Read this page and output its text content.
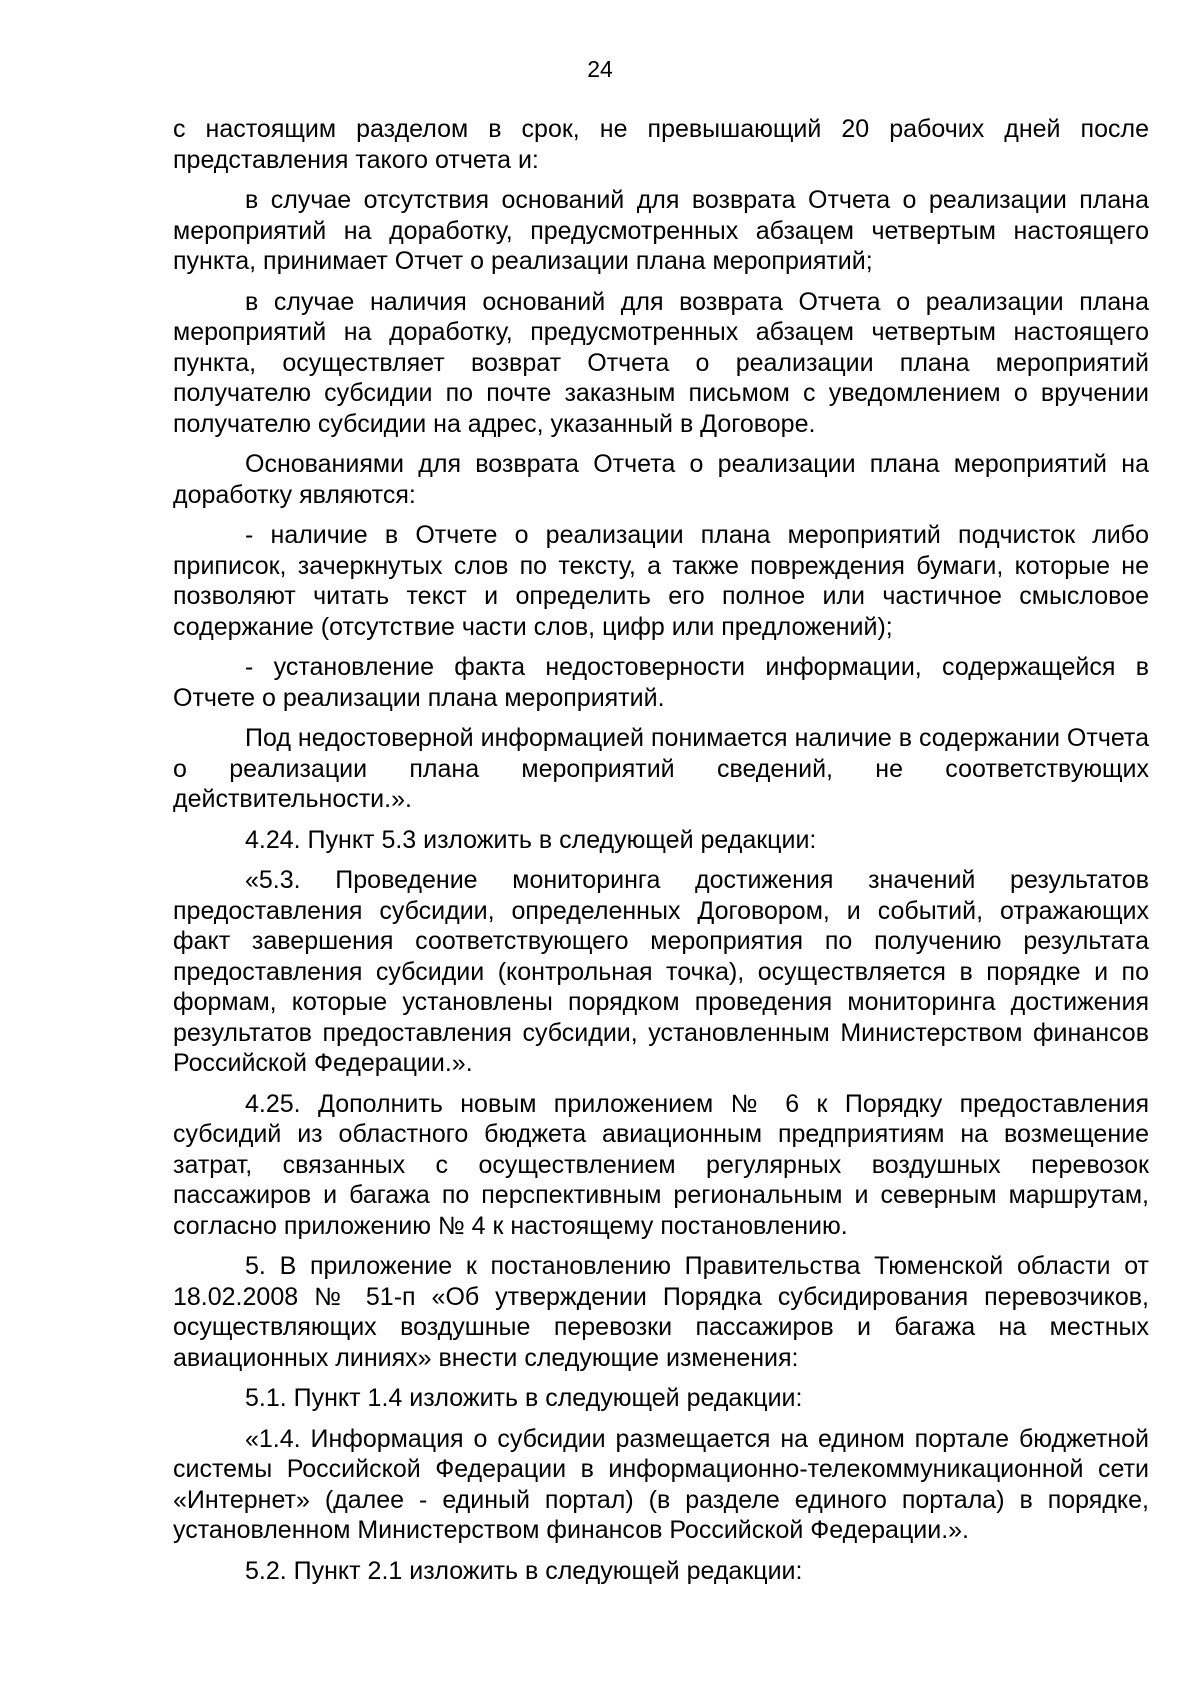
24

с настоящим разделом в срок, не превышающий 20 рабочих дней после представления такого отчета и:

в случае отсутствия оснований для возврата Отчета о реализации плана мероприятий на доработку, предусмотренных абзацем четвертым настоящего пункта, принимает Отчет о реализации плана мероприятий;

в случае наличия оснований для возврата Отчета о реализации плана мероприятий на доработку, предусмотренных абзацем четвертым настоящего пункта, осуществляет возврат Отчета о реализации плана мероприятий получателю субсидии по почте заказным письмом с уведомлением о вручении получателю субсидии на адрес, указанный в Договоре.

Основаниями для возврата Отчета о реализации плана мероприятий на доработку являются:

- наличие в Отчете о реализации плана мероприятий подчисток либо приписок, зачеркнутых слов по тексту, а также повреждения бумаги, которые не позволяют читать текст и определить его полное или частичное смысловое содержание (отсутствие части слов, цифр или предложений);

- установление факта недостоверности информации, содержащейся в Отчете о реализации плана мероприятий.

Под недостоверной информацией понимается наличие в содержании Отчета о реализации плана мероприятий сведений, не соответствующих действительности.».

4.24. Пункт 5.3 изложить в следующей редакции:

«5.3. Проведение мониторинга достижения значений результатов предоставления субсидии, определенных Договором, и событий, отражающих факт завершения соответствующего мероприятия по получению результата предоставления субсидии (контрольная точка), осуществляется в порядке и по формам, которые установлены порядком проведения мониторинга достижения результатов предоставления субсидии, установленным Министерством финансов Российской Федерации.».

4.25. Дополнить новым приложением № 6 к Порядку предоставления субсидий из областного бюджета авиационным предприятиям на возмещение затрат, связанных с осуществлением регулярных воздушных перевозок пассажиров и багажа по перспективным региональным и северным маршрутам, согласно приложению № 4 к настоящему постановлению.

5. В приложение к постановлению Правительства Тюменской области от 18.02.2008 № 51-п «Об утверждении Порядка субсидирования перевозчиков, осуществляющих воздушные перевозки пассажиров и багажа на местных авиационных линиях» внести следующие изменения:

5.1. Пункт 1.4 изложить в следующей редакции:

«1.4. Информация о субсидии размещается на едином портале бюджетной системы Российской Федерации в информационно-телекоммуникационной сети «Интернет» (далее - единый портал) (в разделе единого портала) в порядке, установленном Министерством финансов Российской Федерации.».

5.2. Пункт 2.1 изложить в следующей редакции:
